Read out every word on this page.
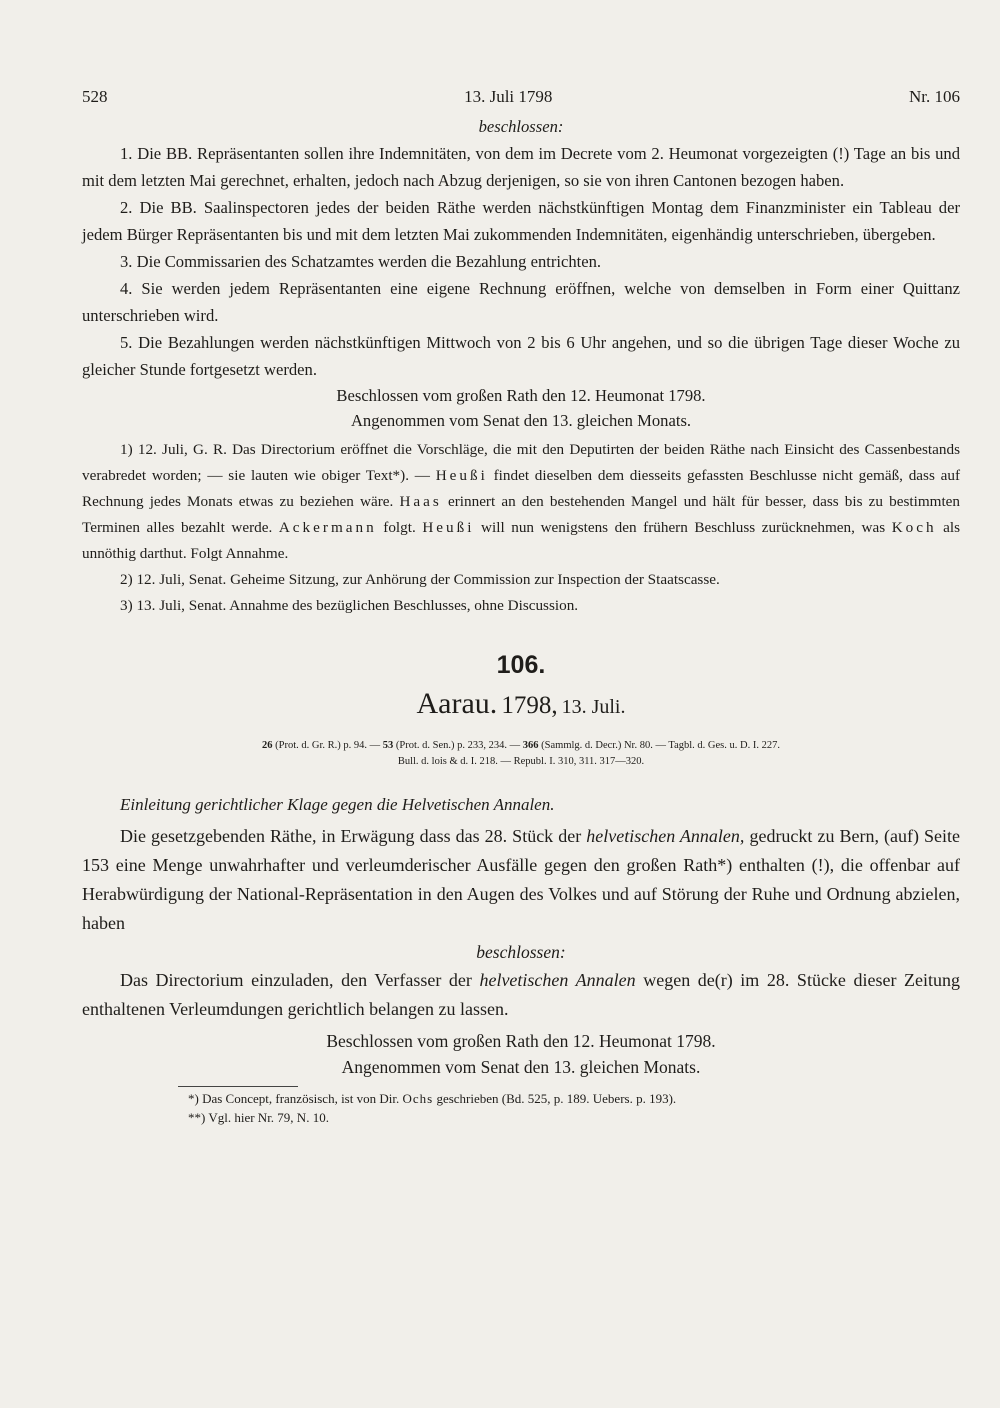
528	13. Juli 1798	Nr. 106

beschlossen:

1. Die BB. Repräsentanten sollen ihre Indemnitäten, von dem im Decrete vom 2. Heumonat vorgezeigten (!) Tage an bis und mit dem letzten Mai gerechnet, erhalten, jedoch nach Abzug derjenigen, so sie von ihren Cantonen bezogen haben.

2. Die BB. Saalinspectoren jedes der beiden Räthe werden nächstkünftigen Montag dem Finanzminister ein Tableau der jedem Bürger Repräsentanten bis und mit dem letzten Mai zukommenden Indemnitäten, eigenhändig unterschrieben, übergeben.

3. Die Commissarien des Schatzamtes werden die Bezahlung entrichten.

4. Sie werden jedem Repräsentanten eine eigene Rechnung eröffnen, welche von demselben in Form einer Quittanz unterschrieben wird.

5. Die Bezahlungen werden nächstkünftigen Mittwoch von 2 bis 6 Uhr angehen, und so die übrigen Tage dieser Woche zu gleicher Stunde fortgesetzt werden.

Beschlossen vom großen Rath den 12. Heumonat 1798.

Angenommen vom Senat den 13. gleichen Monats.

1) 12. Juli, G. R. Das Directorium eröffnet die Vorschläge, die mit den Deputirten der beiden Räthe nach Einsicht des Cassenbestands verabredet worden; — sie lauten wie obiger Text*). — Heußi findet dieselben dem diesseits gefassten Beschlusse nicht gemäß, dass auf Rechnung jedes Monats etwas zu beziehen wäre. Haas erinnert an den bestehenden Mangel und hält für besser, dass bis zu bestimmten Terminen alles bezahlt werde. Ackermann folgt. Heußi will nun wenigstens den frühern Beschluss zurücknehmen, was Koch als unnöthig darthut. Folgt Annahme.

2) 12. Juli, Senat. Geheime Sitzung, zur Anhörung der Commission zur Inspection der Staatscasse.

3) 13. Juli, Senat. Annahme des bezüglichen Beschlusses, ohne Discussion.

106.

Aarau. 1798, 13. Juli.

26 (Prot. d. Gr. R.) p. 94. — 53 (Prot. d. Sen.) p. 233, 234. — 366 (Sammlg. d. Decr.) Nr. 80. — Tagbl. d. Ges. u. D. I. 227.

Bull. d. lois & d. I. 218. — Republ. I. 310, 311. 317—320.

Einleitung gerichtlicher Klage gegen die Helvetischen Annalen.

Die gesetzgebenden Räthe, in Erwägung dass das 28. Stück der helvetischen Annalen, gedruckt zu Bern, (auf) Seite 153 eine Menge unwahrhafter und verleumderischer Ausfälle gegen den großen Rath*) enthalten (!), die offenbar auf Herabwürdigung der National-Repräsentation in den Augen des Volkes und auf Störung der Ruhe und Ordnung abzielen, haben

beschlossen:

Das Directorium einzuladen, den Verfasser der helvetischen Annalen wegen de(r) im 28. Stücke dieser Zeitung enthaltenen Verleumdungen gerichtlich belangen zu lassen.

Beschlossen vom großen Rath den 12. Heumonat 1798.

Angenommen vom Senat den 13. gleichen Monats.

*) Das Concept, französisch, ist von Dir. Ochs geschrieben (Bd. 525, p. 189. Uebers. p. 193).
**) Vgl. hier Nr. 79, N. 10.
